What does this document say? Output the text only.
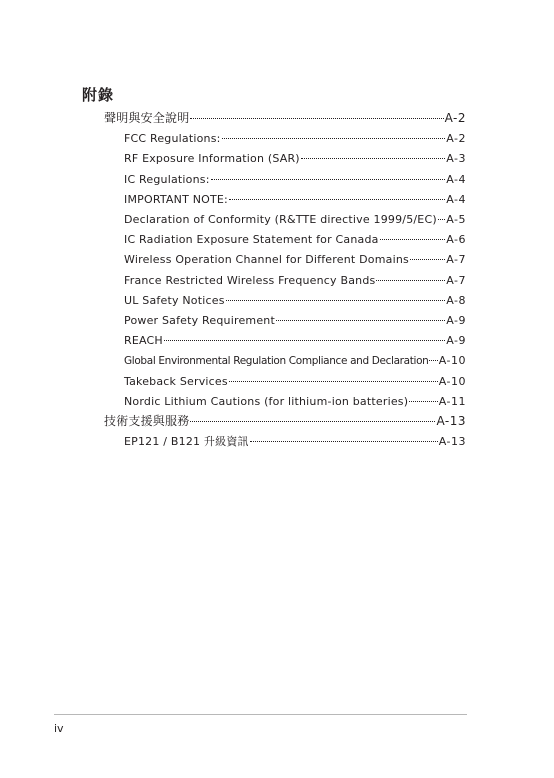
附錄
聲明與安全說明	A-2
FCC Regulations:	A-2
RF Exposure Information (SAR)	A-3
IC Regulations:	A-4
IMPORTANT NOTE:	A-4
Declaration of Conformity (R&TTE directive 1999/5/EC) A-5
IC Radiation Exposure Statement for Canada	A-6
Wireless Operation Channel for Different Domains	A-7
France Restricted Wireless Frequency Bands	A-7
UL Safety Notices	A-8
Power Safety Requirement	A-9
REACH	A-9
Global Environmental Regulation Compliance and Declaration A-10
Takeback Services	A-10
Nordic Lithium Cautions (for lithium-ion batteries)	A-11
技術支援與服務	A-13
EP121 / B121 升級資訊	A-13
iv
